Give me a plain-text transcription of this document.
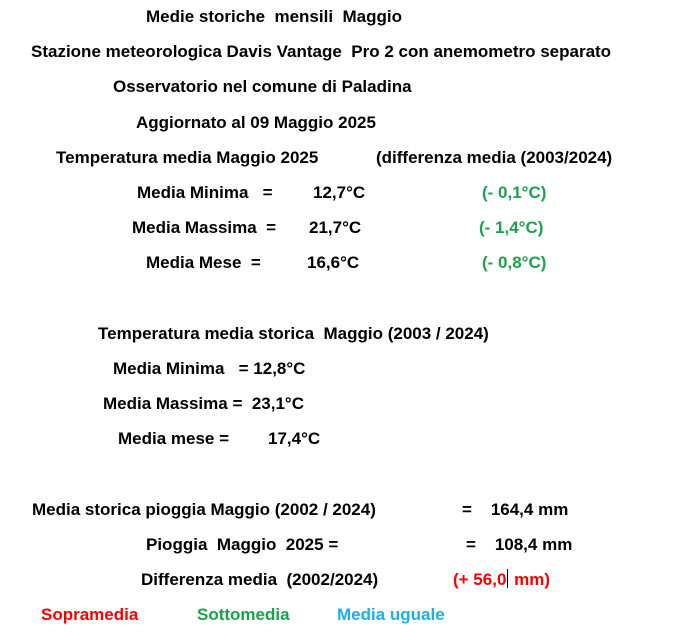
Medie storiche  mensili  Maggio
Stazione meteorologica Davis Vantage  Pro 2 con anemometro separato
Osservatorio nel comune di Paladina
Aggiornato al 09 Maggio 2025
Temperatura media Maggio 2025	(differenza media (2003/2024)
Media Minima   = 12,7°C	(- 0,1°C)
Media Massima  = 21,7°C	(- 1,4°C)
Media Mese  =	16,6°C	(- 0,8°C)
Temperatura media storica  Maggio (2003 / 2024)
Media Minima   = 12,8°C
Media Massima =  23,1°C
Media mese = 17,4°C
Media storica pioggia Maggio (2002 / 2024)	=    164,4 mm
Pioggia  Maggio  2025 =	=    108,4 mm
Differenza media  (2002/2024)	(+ 56,0 mm)
Sopramedia	Sottomedia	Media uguale
